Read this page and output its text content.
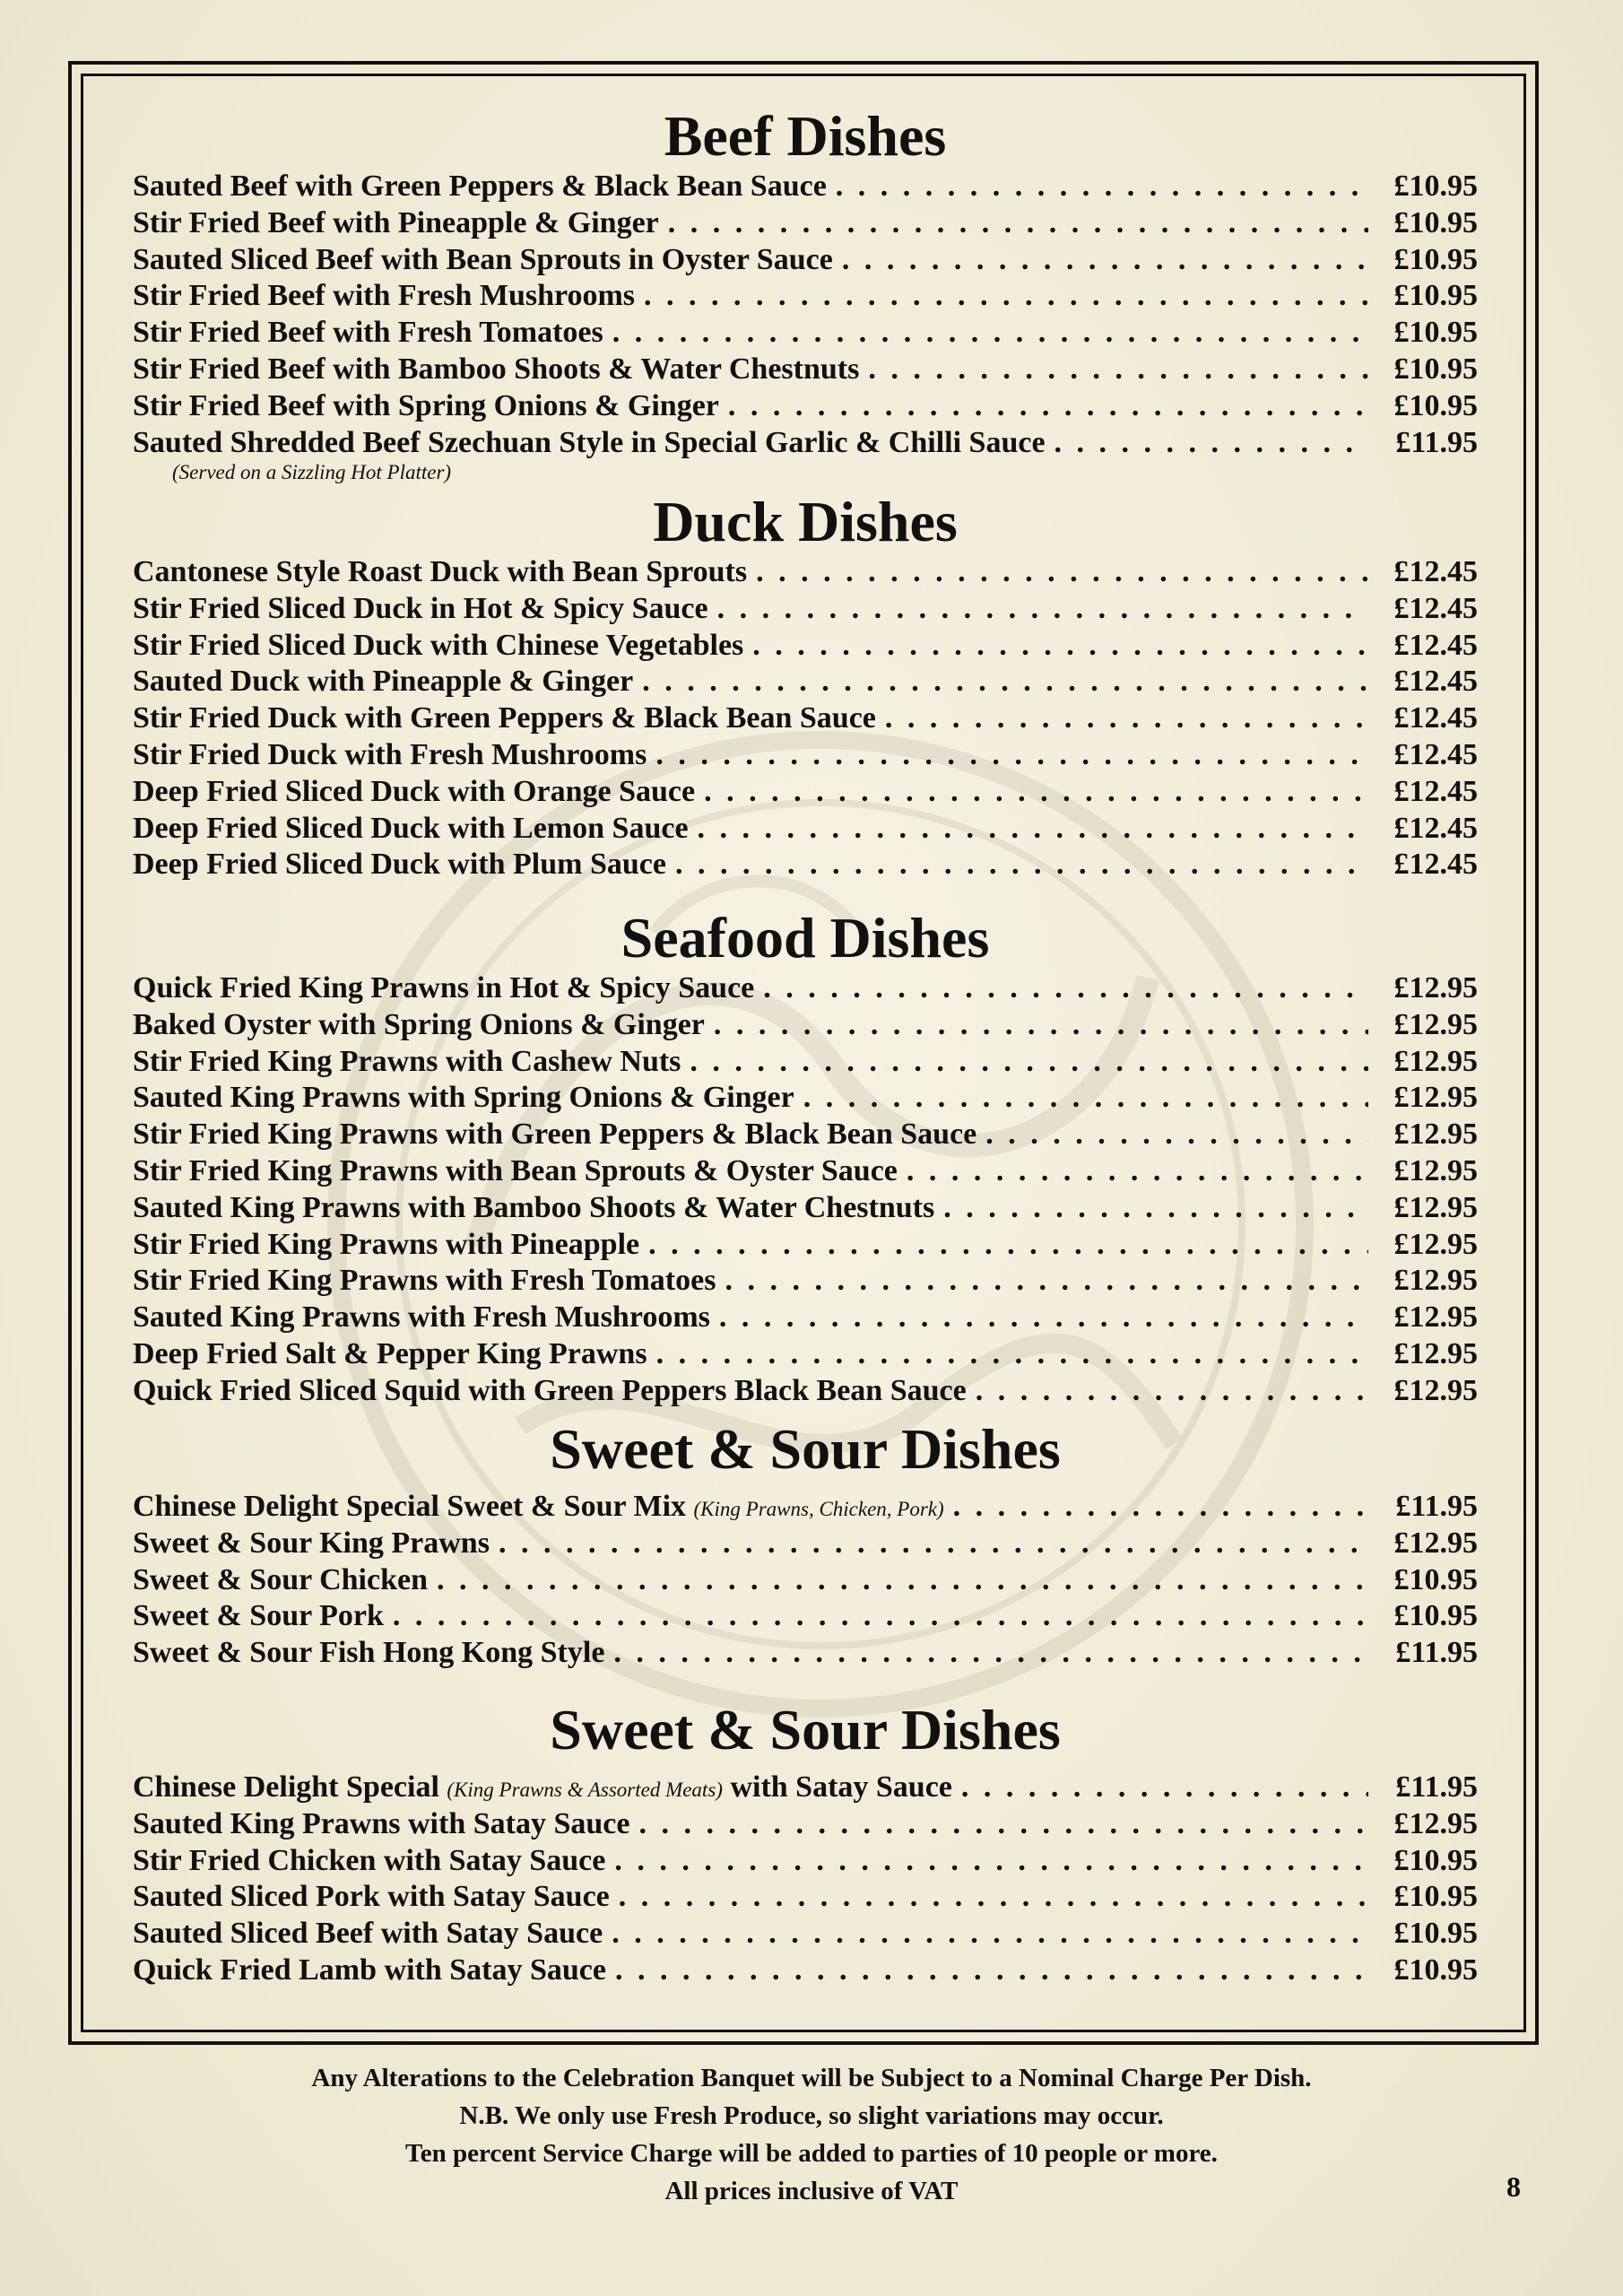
Beef Dishes
Sauted Beef with Green Peppers & Black Bean Sauce . . .	£10.95
Stir Fried Beef with Pineapple & Ginger . . .	£10.95
Sauted Sliced Beef with Bean Sprouts in Oyster Sauce . . .	£10.95
Stir Fried Beef with Fresh Mushrooms . . .	£10.95
Stir Fried Beef with Fresh Tomatoes . . .	£10.95
Stir Fried Beef with Bamboo Shoots & Water Chestnuts . . .	£10.95
Stir Fried Beef with Spring Onions & Ginger . . .	£10.95
Sauted Shredded Beef Szechuan Style in Special Garlic & Chilli Sauce . . .	£11.95
(Served on a Sizzling Hot Platter)
Duck Dishes
Cantonese Style Roast Duck with Bean Sprouts . . .	£12.45
Stir Fried Sliced Duck in Hot & Spicy Sauce . . .	£12.45
Stir Fried Sliced Duck with Chinese Vegetables . . .	£12.45
Sauted Duck with Pineapple & Ginger . . .	£12.45
Stir Fried Duck with Green Peppers & Black Bean Sauce . . .	£12.45
Stir Fried Duck with Fresh Mushrooms . . .	£12.45
Deep Fried Sliced Duck with Orange Sauce . . .	£12.45
Deep Fried Sliced Duck with Lemon Sauce . . .	£12.45
Deep Fried Sliced Duck with Plum Sauce . . .	£12.45
Seafood Dishes
Quick Fried King Prawns in Hot & Spicy Sauce . . .	£12.95
Baked Oyster with Spring Onions & Ginger . . .	£12.95
Stir Fried King Prawns with Cashew Nuts . . .	£12.95
Sauted King Prawns with Spring Onions & Ginger . . .	£12.95
Stir Fried King Prawns with Green Peppers & Black Bean Sauce . . .	£12.95
Stir Fried King Prawns with Bean Sprouts & Oyster Sauce . . .	£12.95
Sauted King Prawns with Bamboo Shoots & Water Chestnuts . . .	£12.95
Stir Fried King Prawns with Pineapple . . .	£12.95
Stir Fried King Prawns with Fresh Tomatoes . . .	£12.95
Sauted King Prawns with Fresh Mushrooms . . .	£12.95
Deep Fried Salt & Pepper King Prawns . . .	£12.95
Quick Fried Sliced Squid with Green Peppers Black Bean Sauce . . .	£12.95
Sweet & Sour Dishes
Chinese Delight Special Sweet & Sour Mix (King Prawns, Chicken, Pork) . . .	£11.95
Sweet & Sour King Prawns . . .	£12.95
Sweet & Sour Chicken . . .	£10.95
Sweet & Sour Pork . . .	£10.95
Sweet & Sour Fish Hong Kong Style . . .	£11.95
Sweet & Sour Dishes
Chinese Delight Special (King Prawns & Assorted Meats) with Satay Sauce . . .	£11.95
Sauted King Prawns with Satay Sauce . . .	£12.95
Stir Fried Chicken with Satay Sauce . . .	£10.95
Sauted Sliced Pork with Satay Sauce . . .	£10.95
Sauted Sliced Beef with Satay Sauce . . .	£10.95
Quick Fried Lamb with Satay Sauce . . .	£10.95
Any Alterations to the Celebration Banquet will be Subject to a Nominal Charge Per Dish.
N.B. We only use Fresh Produce, so slight variations may occur.
Ten percent Service Charge will be added to parties of 10 people or more.
All prices inclusive of VAT	8
